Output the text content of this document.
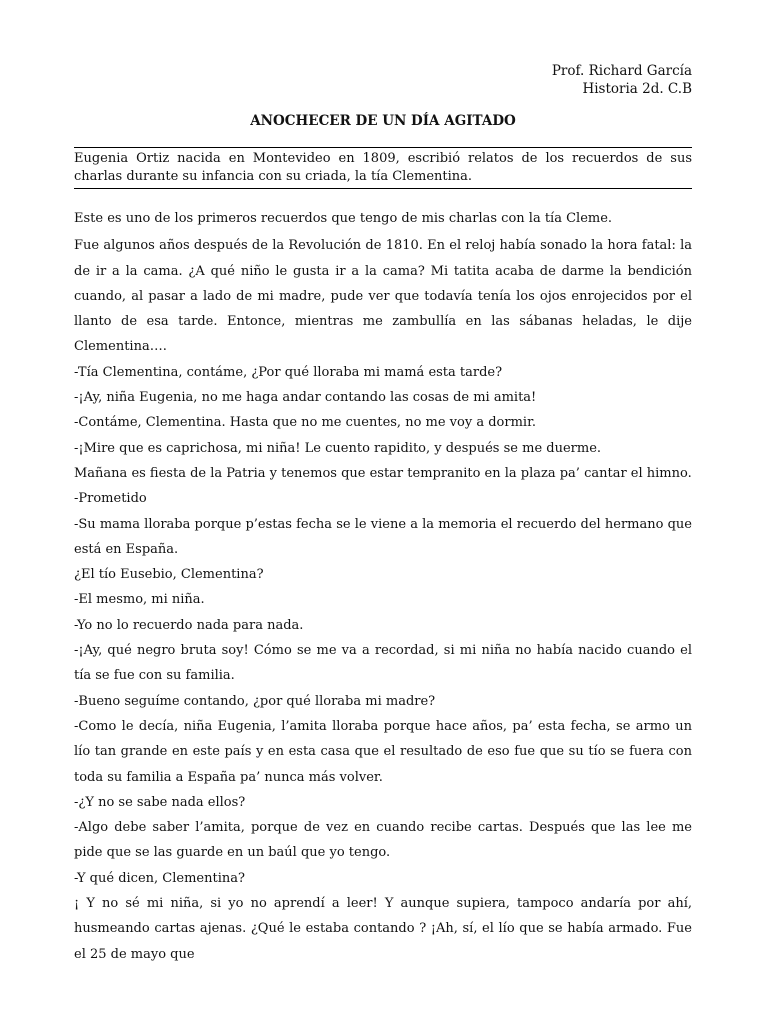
Prof. Richard García
Historia 2d. C.B
ANOCHECER DE UN DÍA AGITADO
Eugenia Ortiz nacida en Montevideo en 1809, escribió relatos de los recuerdos de sus charlas durante su infancia con su criada, la tía Clementina.

Este es uno de los primeros recuerdos que tengo de mis charlas con la tía Cleme.

Fue algunos años después de la Revolución de 1810. En el reloj había sonado la hora fatal: la de ir a la cama. ¿A qué niño le gusta ir a la cama? Mi tatita acaba de darme la bendición cuando, al pasar a lado de mi madre, pude ver que todavía tenía los ojos enrojecidos por el llanto de esa tarde. Entonce, mientras me zambullía en las sábanas heladas, le dije Clementina….

-Tía Clementina, contáme, ¿Por qué lloraba mi mamá esta tarde?

-¡Ay, niña Eugenia, no me haga andar contando las cosas de mi amita!

-Contáme, Clementina. Hasta que no me cuentes, no me voy a dormir.

-¡Mire que es caprichosa, mi niña! Le cuento rapidito, y después se me duerme.

Mañana es fiesta de la Patria y tenemos que estar tempranito en la plaza pa’ cantar el himno.

-Prometido

-Su mama lloraba porque p’estas fecha se le viene a la memoria el recuerdo del hermano que está en España.

¿El tío Eusebio, Clementina?

-El mesmo, mi niña.

-Yo no lo recuerdo nada para nada.

-¡Ay, qué negro bruta soy! Cómo se me va a recordad, si mi niña no había nacido cuando el tía se fue con su familia.

-Bueno seguíme contando, ¿por qué lloraba mi madre?

-Como le decía, niña Eugenia, l’amita lloraba porque hace años, pa’ esta fecha, se armo un lío tan grande en este país y en esta casa que el resultado de eso fue que su tío se fuera con toda su familia a España pa’ nunca más volver.

-¿Y no se sabe nada ellos?

-Algo debe saber l’amita, porque de vez en cuando recibe cartas. Después que las lee me pide que se las guarde en un baúl que yo tengo.

-Y qué dicen, Clementina?

¡ Y no sé mi niña, si yo no aprendí a leer! Y aunque supiera, tampoco andaría por ahí, husmeando cartas ajenas. ¿Qué le estaba contando ? ¡Ah, sí, el lío que se había armado. Fue el 25 de mayo que
